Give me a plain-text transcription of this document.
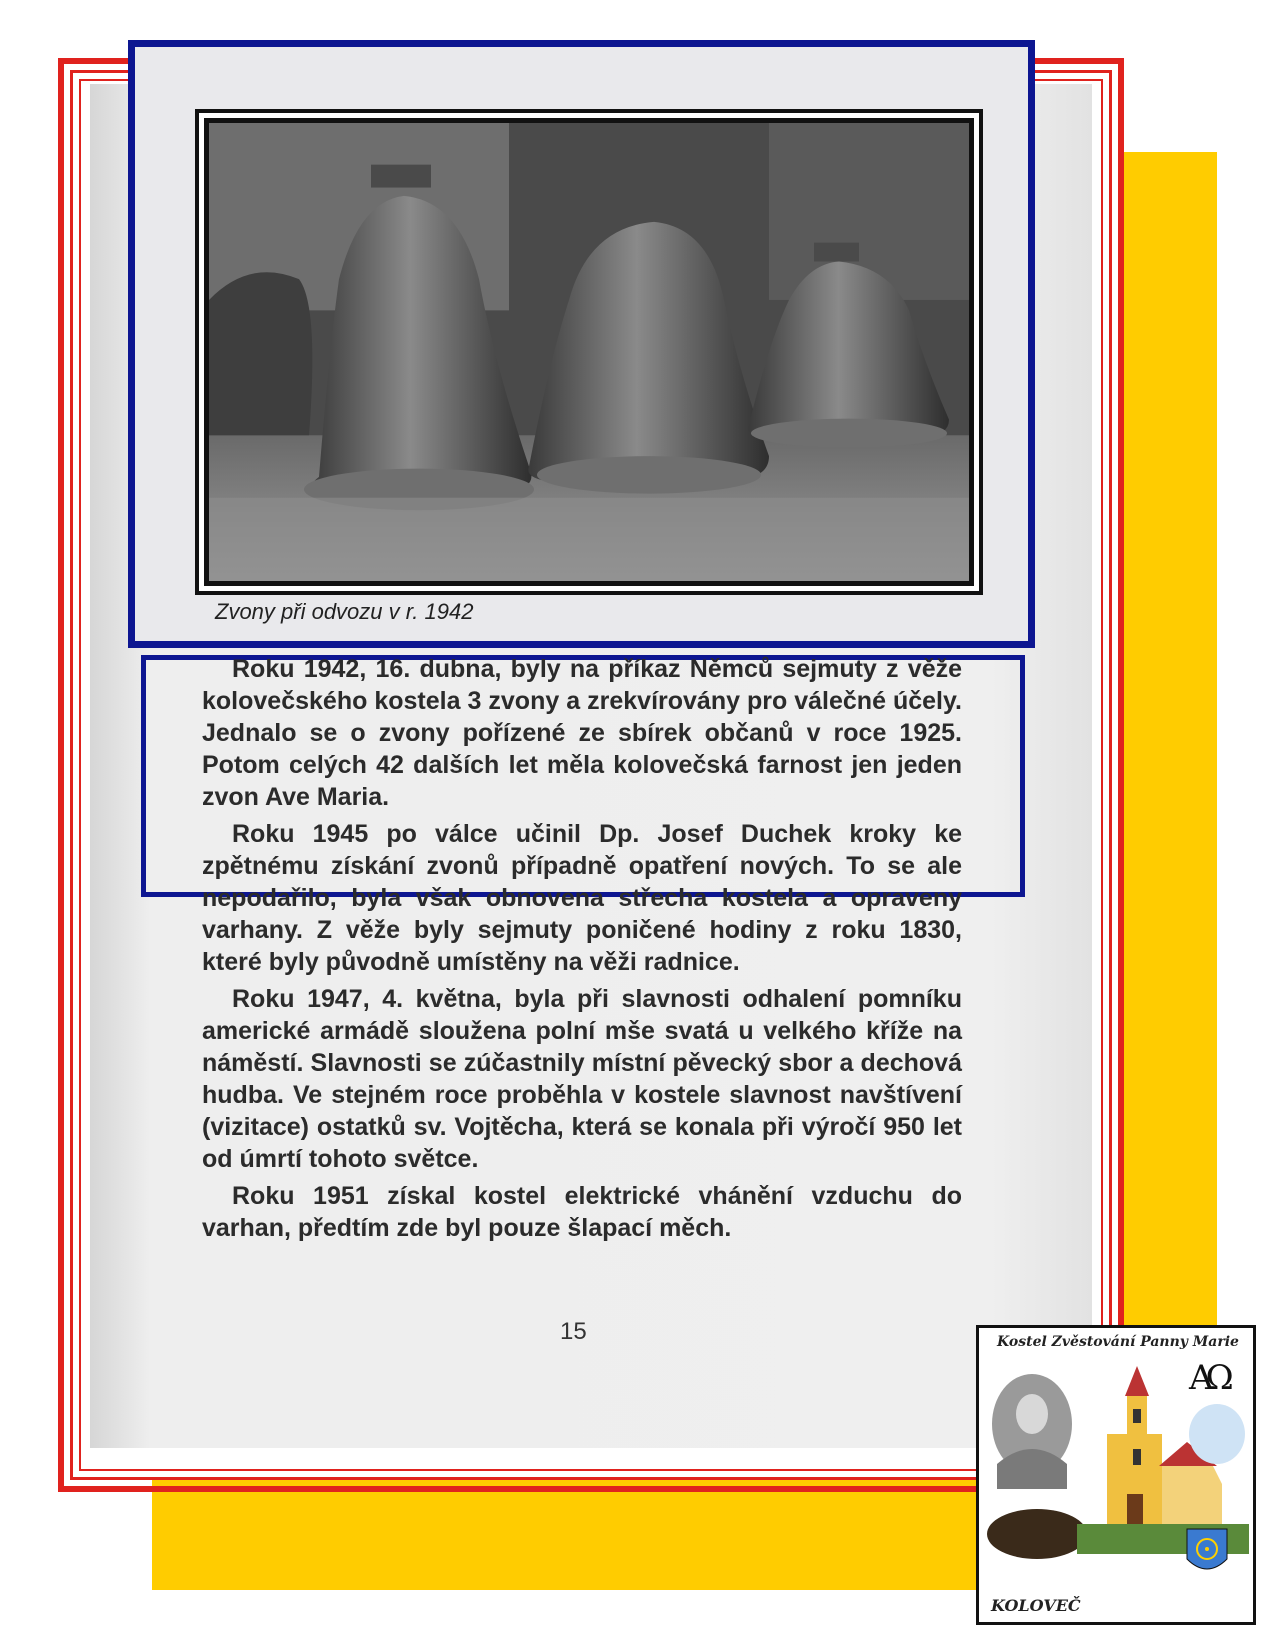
Zvony při odvozu v r. 1942

Roku 1942, 16. dubna, byly na příkaz Němců sejmuty z věže kolovečského kostela 3 zvony a zrekvírovány pro válečné účely. Jednalo se o zvony pořízené ze sbírek občanů v roce 1925. Potom celých 42 dalších let měla kolovečská farnost jen jeden zvon Ave Maria.

Roku 1945 po válce učinil Dp. Josef Duchek kroky ke zpětnému získání zvonů případně opatření nových. To se ale nepodařilo, byla však obnovena střecha kostela a opraveny varhany. Z věže byly sejmuty poničené hodiny z roku 1830, které byly původně umístěny na věži radnice.

Roku 1947, 4. května, byla při slavnosti odhalení pomníku americké armádě sloužena polní mše svatá u velkého kříže na náměstí. Slavnosti se zúčastnily místní pěvecký sbor a dechová hudba. Ve stejném roce proběhla v kostele slavnost navštívení (vizitace) ostatků sv. Vojtěcha, která se konala při výročí 950 let od úmrtí tohoto světce.

Roku 1951 získal kostel elektrické vhánění vzduchu do varhan, předtím zde byl pouze šlapací měch.

15	Kostel Zvěstování Panny Marie
AΩ
KOLOVEČ
